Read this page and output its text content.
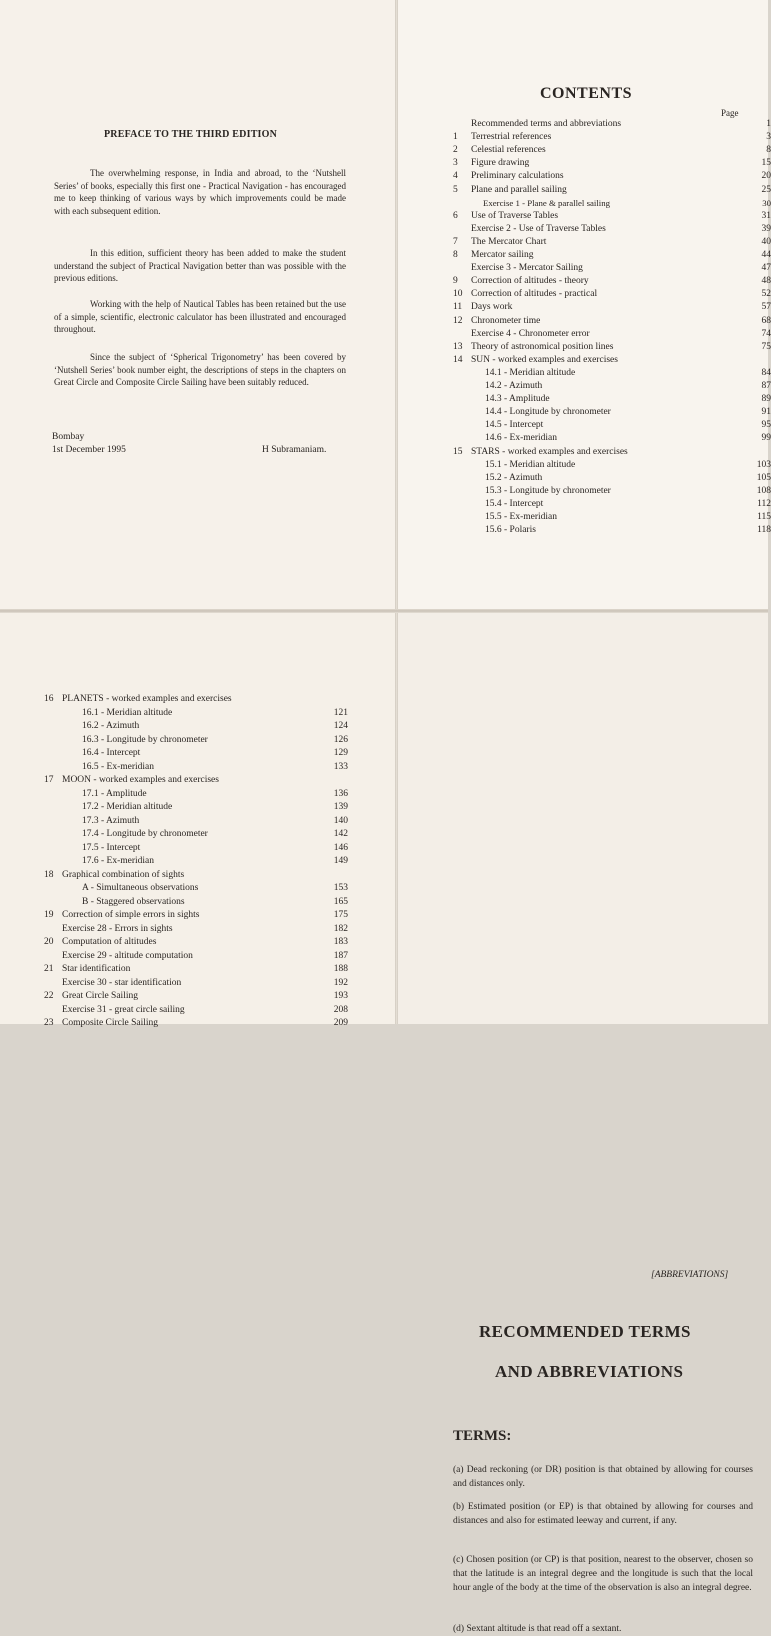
PREFACE TO THE THIRD EDITION

The overwhelming response, in India and abroad, to the ‘Nutshell Series’ of books, especially this first one - Practical Navigation - has encouraged me to keep thinking of various ways by which improvements could be made with each subsequent edition.

In this edition, sufficient theory has been added to make the student understand the subject of Practical Navigation better than was possible with the previous editions.

Working with the help of Nautical Tables has been retained but the use of a simple, scientific, electronic calculator has been illustrated and encouraged throughout.

Since the subject of ‘Spherical Trigonometry’ has been covered by ‘Nutshell Series’ book number eight, the descriptions of steps in the chapters on Great Circle and Composite Circle Sailing have been suitably reduced.

Bombay
1st December 1995	H Subramaniam.
CONTENTS
Page
Recommended terms and abbreviations	1
1	Terrestrial references	3
2	Celestial references	8
3	Figure drawing	15
4	Preliminary calculations	20
5	Plane and parallel sailing	25
Exercise 1 - Plane & parallel sailing	30
6	Use of Traverse Tables	31
Exercise 2 - Use of Traverse Tables	39
7	The Mercator Chart	40
8	Mercator sailing	44
Exercise 3 - Mercator Sailing	47
9	Correction of altitudes - theory	48
10 Correction of altitudes - practical	52
11 Days work	57
12 Chronometer time	68
Exercise 4 - Chronometer error	74
13 Theory of astronomical position lines	75
14 SUN - worked examples and exercises
14.1 - Meridian altitude	84
14.2 - Azimuth	87
14.3 - Amplitude	89
14.4 - Longitude by chronometer	91
14.5 - Intercept	95
14.6 - Ex-meridian	99
15 STARS - worked examples and exercises
15.1 - Meridian altitude	103
15.2 - Azimuth	105
15.3 - Longitude by chronometer	108
15.4 - Intercept	112
15.5 - Ex-meridian	115
15.6 - Polaris	118
16 PLANETS - worked examples and exercises
16.1 - Meridian altitude	121
16.2 - Azimuth	124
16.3 - Longitude by chronometer	126
16.4 - Intercept	129
16.5 - Ex-meridian	133
17 MOON - worked examples and exercises
17.1 - Amplitude	136
17.2 - Meridian altitude	139
17.3 - Azimuth	140
17.4 - Longitude by chronometer	142
17.5 - Intercept	146
17.6 - Ex-meridian	149
18 Graphical combination of sights
A - Simultaneous observations	153
B - Staggered observations	165
19 Correction of simple errors in sights	175
Exercise 28 - Errors in sights	182
20 Computation of altitudes	183
Exercise 29 - altitude computation	187
21 Star identification	188
Exercise 30 - star identification	192
22 Great Circle Sailing	193
Exercise 31 - great circle sailing	208
23 Composite Circle Sailing	209
[ABBREVIATIONS]
RECOMMENDED TERMS
AND ABBREVIATIONS
TERMS:

(a) Dead reckoning (or DR) position is that obtained by allowing for courses and distances only.

(b) Estimated position (or EP) is that obtained by allowing for courses and distances and also for estimated leeway and current, if any.

(c) Chosen position (or CP) is that position, nearest to the observer, chosen so that the latitude is an integral degree and the longitude is such that the local hour angle of the body at the time of the observation is also an integral degree.

(d) Sextant altitude is that read off a sextant.
